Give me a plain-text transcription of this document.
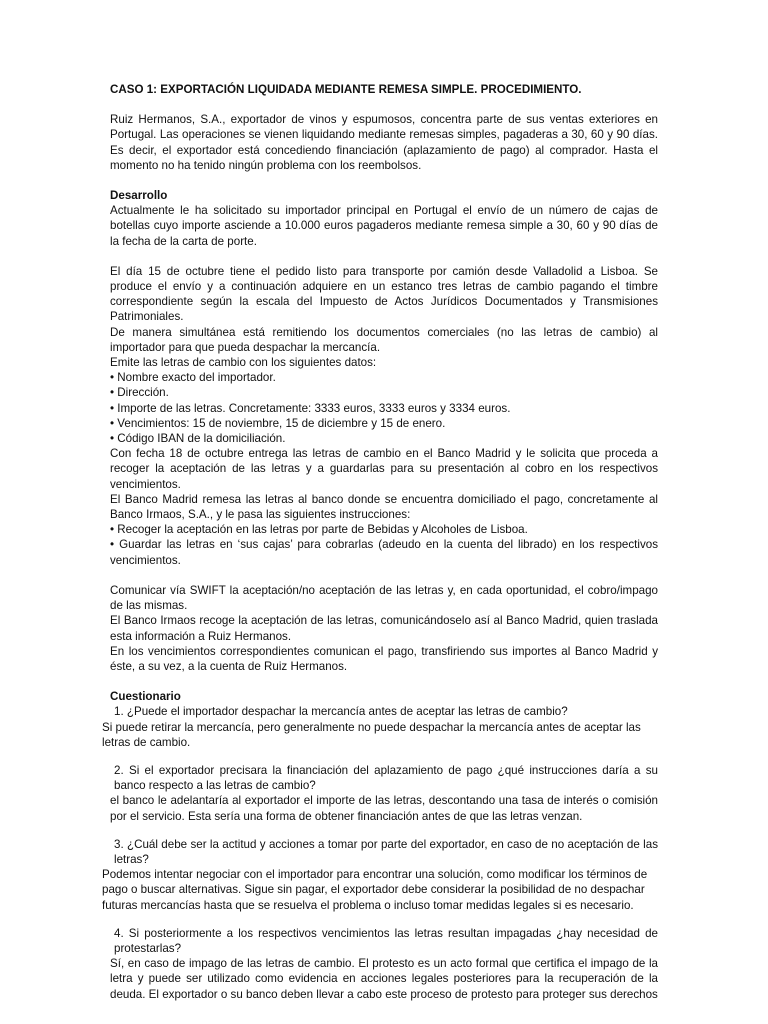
CASO 1: EXPORTACIÓN LIQUIDADA MEDIANTE REMESA SIMPLE. PROCEDIMIENTO.

Ruiz Hermanos, S.A., exportador de vinos y espumosos, concentra parte de sus ventas exteriores en Portugal. Las operaciones se vienen liquidando mediante remesas simples, pagaderas a 30, 60 y 90 días. Es decir, el exportador está concediendo financiación (aplazamiento de pago) al comprador. Hasta el momento no ha tenido ningún problema con los reembolsos.

Desarrollo

Actualmente le ha solicitado su importador principal en Portugal el envío de un número de cajas de botellas cuyo importe asciende a 10.000 euros pagaderos mediante remesa simple a 30, 60 y 90 días de la fecha de la carta de porte.

El día 15 de octubre tiene el pedido listo para transporte por camión desde Valladolid a Lisboa. Se produce el envío y a continuación adquiere en un estanco tres letras de cambio pagando el timbre correspondiente según la escala del Impuesto de Actos Jurídicos Documentados y Transmisiones Patrimoniales.

De manera simultánea está remitiendo los documentos comerciales (no las letras de cambio) al importador para que pueda despachar la mercancía.

Emite las letras de cambio con los siguientes datos:

• Nombre exacto del importador.

• Dirección.

• Importe de las letras. Concretamente: 3333 euros, 3333 euros y 3334 euros.

• Vencimientos: 15 de noviembre, 15 de diciembre y 15 de enero.

• Código IBAN de la domiciliación.

Con fecha 18 de octubre entrega las letras de cambio en el Banco Madrid y le solicita que proceda a recoger la aceptación de las letras y a guardarlas para su presentación al cobro en los respectivos vencimientos.

El Banco Madrid remesa las letras al banco donde se encuentra domiciliado el pago, concretamente al Banco Irmaos, S.A., y le pasa las siguientes instrucciones:

• Recoger la aceptación en las letras por parte de Bebidas y Alcoholes de Lisboa.

• Guardar las letras en ‘sus cajas’ para cobrarlas (adeudo en la cuenta del librado) en los respectivos vencimientos.

Comunicar vía SWIFT la aceptación/no aceptación de las letras y, en cada oportunidad, el cobro/impago de las mismas.

El Banco Irmaos recoge la aceptación de las letras, comunicándoselo así al Banco Madrid, quien traslada esta información a Ruiz Hermanos.

En los vencimientos correspondientes comunican el pago, transfiriendo sus importes al Banco Madrid y éste, a su vez, a la cuenta de Ruiz Hermanos.

Cuestionario

1. ¿Puede el importador despachar la mercancía antes de aceptar las letras de cambio?

Si puede retirar la mercancía, pero generalmente no puede despachar la mercancía antes de aceptar las letras de cambio.

2. Si el exportador precisara la financiación del aplazamiento de pago ¿qué instrucciones daría a su banco respecto a las letras de cambio?

el banco le adelantaría al exportador el importe de las letras, descontando una tasa de interés o comisión por el servicio. Esta sería una forma de obtener financiación antes de que las letras venzan.

3. ¿Cuál debe ser la actitud y acciones a tomar por parte del exportador, en caso de no aceptación de las letras?

Podemos intentar negociar con el importador para encontrar una solución, como modificar los términos de pago o buscar alternativas. Sigue sin pagar, el exportador debe considerar la posibilidad de no despachar futuras mercancías hasta que se resuelva el problema o incluso tomar medidas legales si es necesario.

4. Si posteriormente a los respectivos vencimientos las letras resultan impagadas ¿hay necesidad de protestarlas?

Sí, en caso de impago de las letras de cambio. El protesto es un acto formal que certifica el impago de la letra y puede ser utilizado como evidencia en acciones legales posteriores para la recuperación de la deuda. El exportador o su banco deben llevar a cabo este proceso de protesto para proteger sus derechos
